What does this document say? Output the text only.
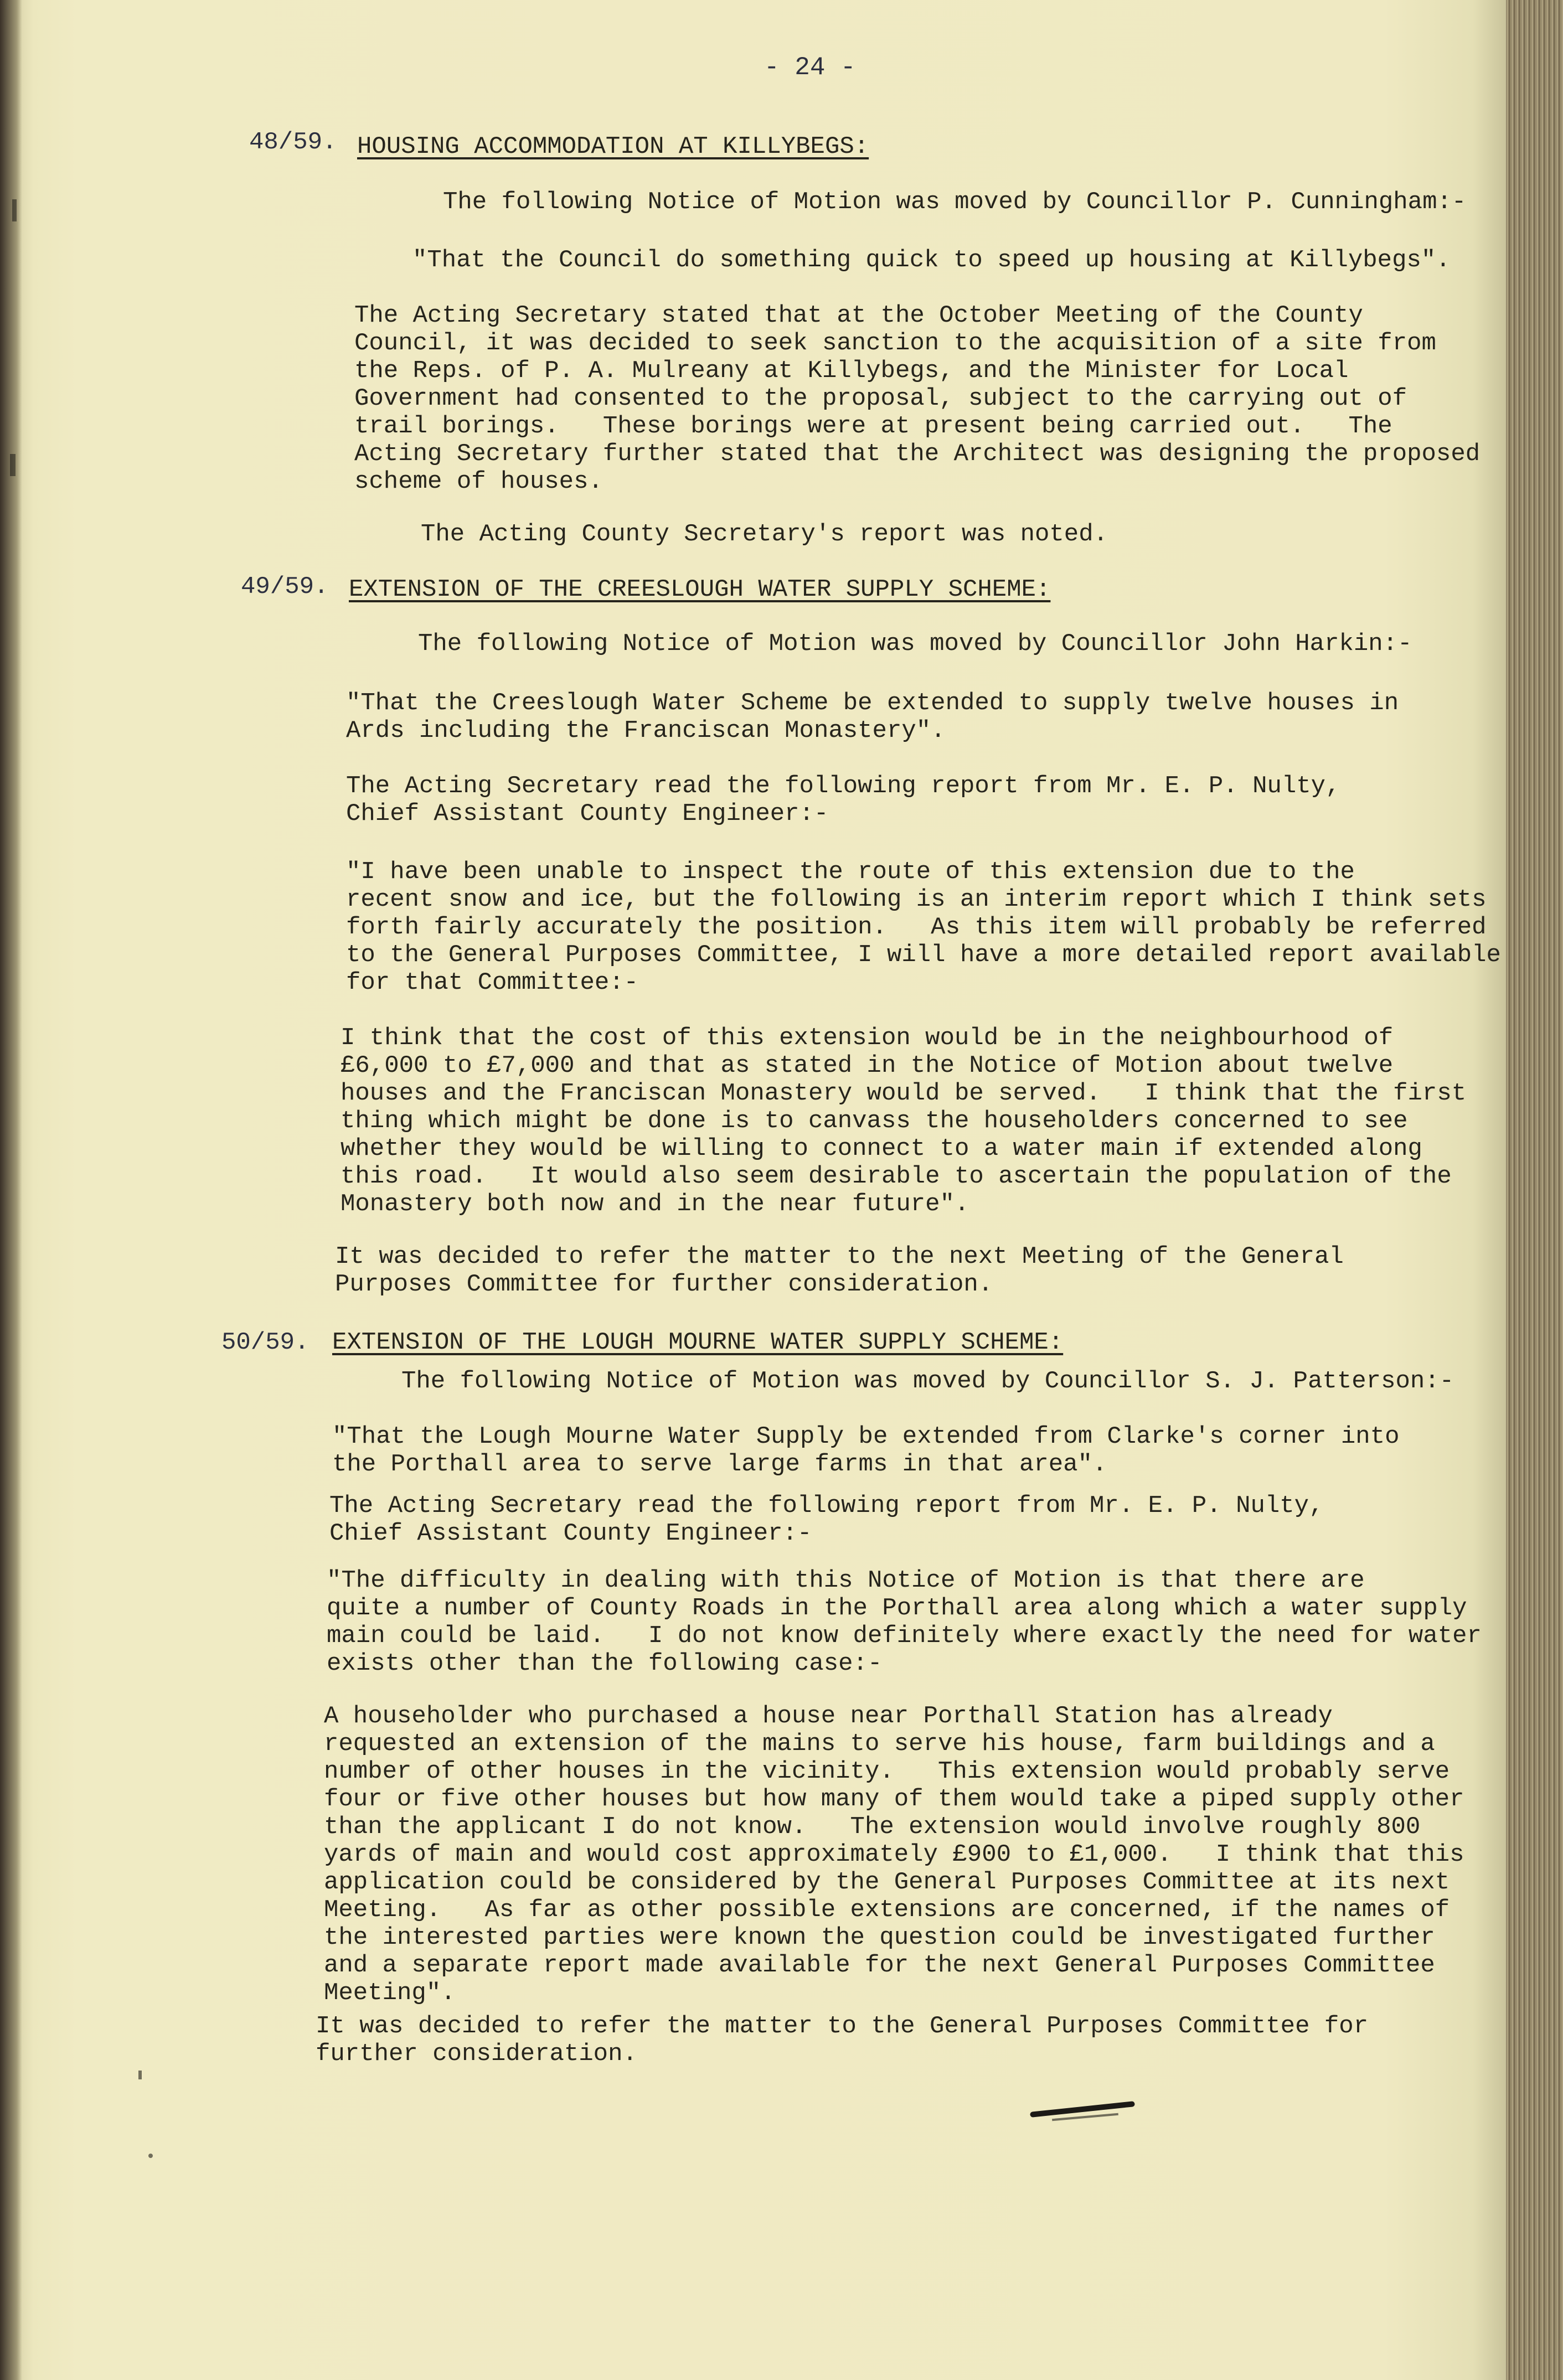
- 24 -
48/59. HOUSING ACCOMMODATION AT KILLYBEGS:
The following Notice of Motion was moved by Councillor P. Cunningham:-
"That the Council do something quick to speed up housing at Killybegs".
The Acting Secretary stated that at the October Meeting of the County
Council, it was decided to seek sanction to the acquisition of a site from
the Reps. of P. A. Mulreany at Killybegs, and the Minister for Local
Government had consented to the proposal, subject to the carrying out of
trail borings.   These borings were at present being carried out.   The
Acting Secretary further stated that the Architect was designing the proposed
scheme of houses.
The Acting County Secretary's report was noted.
49/59. EXTENSION OF THE CREESLOUGH WATER SUPPLY SCHEME:
The following Notice of Motion was moved by Councillor John Harkin:-
"That the Creeslough Water Scheme be extended to supply twelve houses in
Ards including the Franciscan Monastery".
The Acting Secretary read the following report from Mr. E. P. Nulty,
Chief Assistant County Engineer:-
"I have been unable to inspect the route of this extension due to the
recent snow and ice, but the following is an interim report which I think sets
forth fairly accurately the position.   As this item will probably be referred
to the General Purposes Committee, I will have a more detailed report available
for that Committee:-
I think that the cost of this extension would be in the neighbourhood of
£6,000 to £7,000 and that as stated in the Notice of Motion about twelve
houses and the Franciscan Monastery would be served.   I think that the first
thing which might be done is to canvass the householders concerned to see
whether they would be willing to connect to a water main if extended along
this road.   It would also seem desirable to ascertain the population of the
Monastery both now and in the near future".
It was decided to refer the matter to the next Meeting of the General
Purposes Committee for further consideration.
50/59. EXTENSION OF THE LOUGH MOURNE WATER SUPPLY SCHEME:
The following Notice of Motion was moved by Councillor S. J. Patterson:-
"That the Lough Mourne Water Supply be extended from Clarke's corner into
the Porthall area to serve large farms in that area".
The Acting Secretary read the following report from Mr. E. P. Nulty,
Chief Assistant County Engineer:-
"The difficulty in dealing with this Notice of Motion is that there are
quite a number of County Roads in the Porthall area along which a water supply
main could be laid.   I do not know definitely where exactly the need for water
exists other than the following case:-
A householder who purchased a house near Porthall Station has already
requested an extension of the mains to serve his house, farm buildings and a
number of other houses in the vicinity.   This extension would probably serve
four or five other houses but how many of them would take a piped supply other
than the applicant I do not know.   The extension would involve roughly 800
yards of main and would cost approximately £900 to £1,000.   I think that this
application could be considered by the General Purposes Committee at its next
Meeting.   As far as other possible extensions are concerned, if the names of
the interested parties were known the question could be investigated further
and a separate report made available for the next General Purposes Committee
Meeting".
It was decided to refer the matter to the General Purposes Committee for
further consideration.
